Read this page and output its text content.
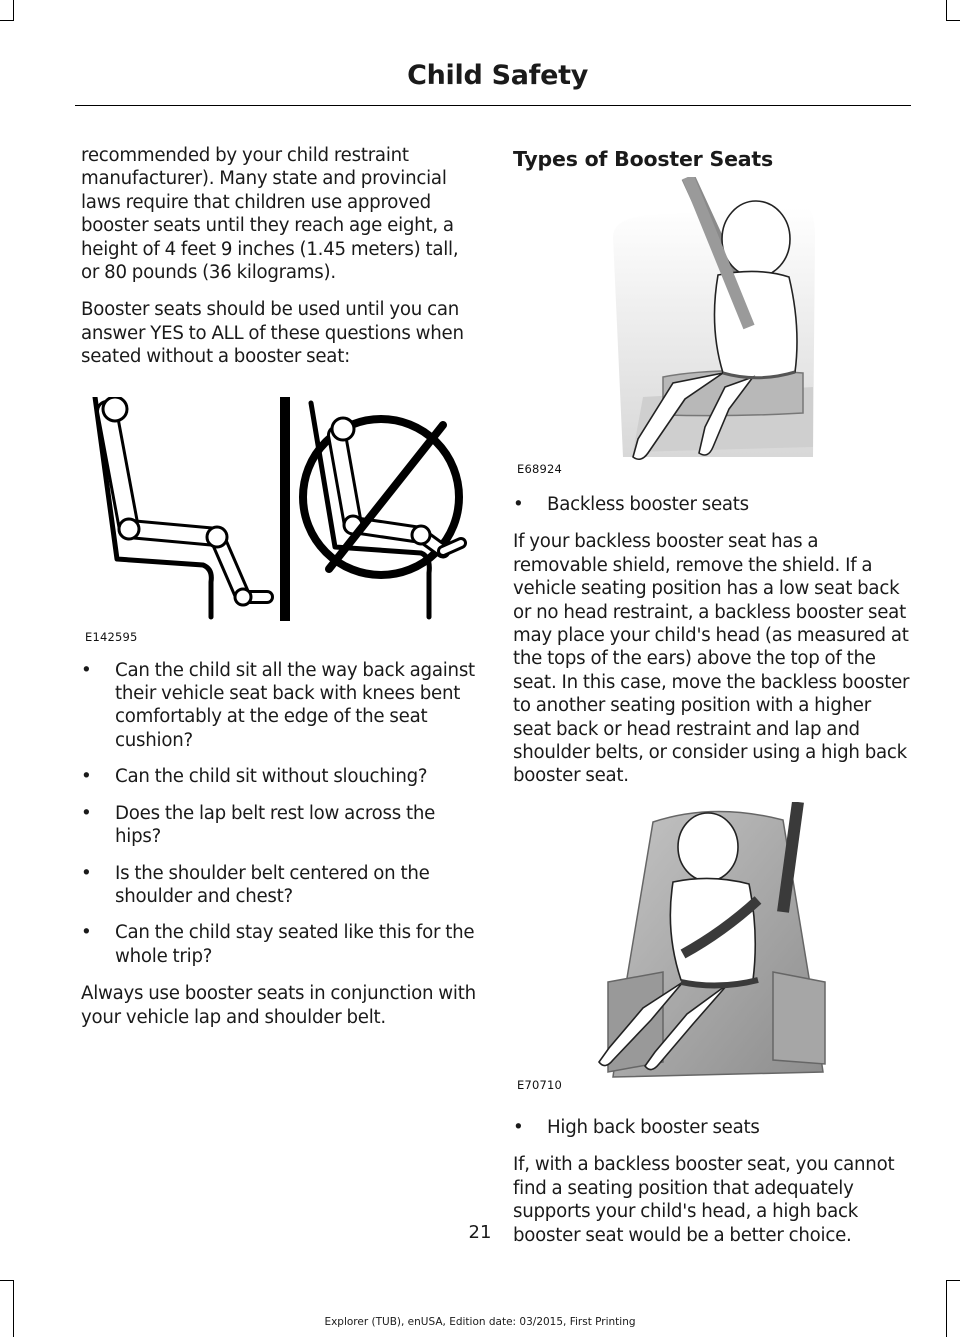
Child Safety

recommended by your child restraint manufacturer). Many state and provincial laws require that children use approved booster seats until they reach age eight, a height of 4 feet 9 inches (1.45 meters) tall, or 80 pounds (36 kilograms).

Booster seats should be used until you can answer YES to ALL of these questions when seated without a booster seat:

E142595
• Can the child sit all the way back against their vehicle seat back with knees bent comfortably at the edge of the seat cushion?
• Can the child sit without slouching?
• Does the lap belt rest low across the hips?
• Is the shoulder belt centered on the shoulder and chest?
• Can the child stay seated like this for the whole trip?

Always use booster seats in conjunction with your vehicle lap and shoulder belt.

Types of Booster Seats
E68924
• Backless booster seats

If your backless booster seat has a removable shield, remove the shield. If a vehicle seating position has a low seat back or no head restraint, a backless booster seat may place your child's head (as measured at the tops of the ears) above the top of the seat. In this case, move the backless booster to another seating position with a higher seat back or head restraint and lap and shoulder belts, or consider using a high back booster seat.

E70710
• High back booster seats

If, with a backless booster seat, you cannot find a seating position that adequately supports your child's head, a high back booster seat would be a better choice.

21
Explorer (TUB), enUSA, Edition date: 03/2015, First Printing
